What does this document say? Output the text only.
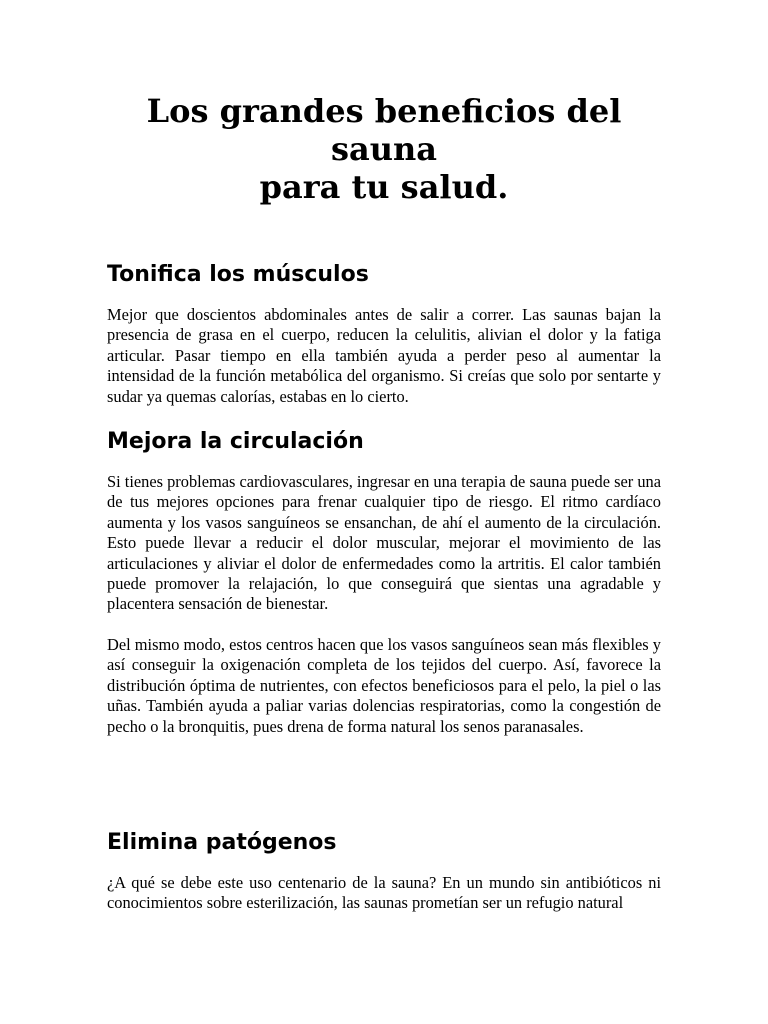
Los grandes beneficios del
sauna
para tu salud.
Tonifica los músculos

Mejor que doscientos abdominales antes de salir a correr. Las saunas bajan la presencia de grasa en el cuerpo, reducen la celulitis, alivian el dolor y la fatiga articular. Pasar tiempo en ella también ayuda a perder peso al aumentar la intensidad de la función metabólica del organismo. Si creías que solo por sentarte y sudar ya quemas calorías, estabas en lo cierto.

Mejora la circulación

Si tienes problemas cardiovasculares, ingresar en una terapia de sauna puede ser una de tus mejores opciones para frenar cualquier tipo de riesgo. El ritmo cardíaco aumenta y los vasos sanguíneos se ensanchan, de ahí el aumento de la circulación. Esto puede llevar a reducir el dolor muscular, mejorar el movimiento de las articulaciones y aliviar el dolor de enfermedades como la artritis. El calor también puede promover la relajación, lo que conseguirá que sientas una agradable y placentera sensación de bienestar.

Del mismo modo, estos centros hacen que los vasos sanguíneos sean más flexibles y así conseguir la oxigenación completa de los tejidos del cuerpo. Así, favorece la distribución óptima de nutrientes, con efectos beneficiosos para el pelo, la piel o las uñas. También ayuda a paliar varias dolencias respiratorias, como la congestión de pecho o la bronquitis, pues drena de forma natural los senos paranasales.

Elimina patógenos

¿A qué se debe este uso centenario de la sauna? En un mundo sin antibióticos ni conocimientos sobre esterilización, las saunas prometían ser un refugio natural
